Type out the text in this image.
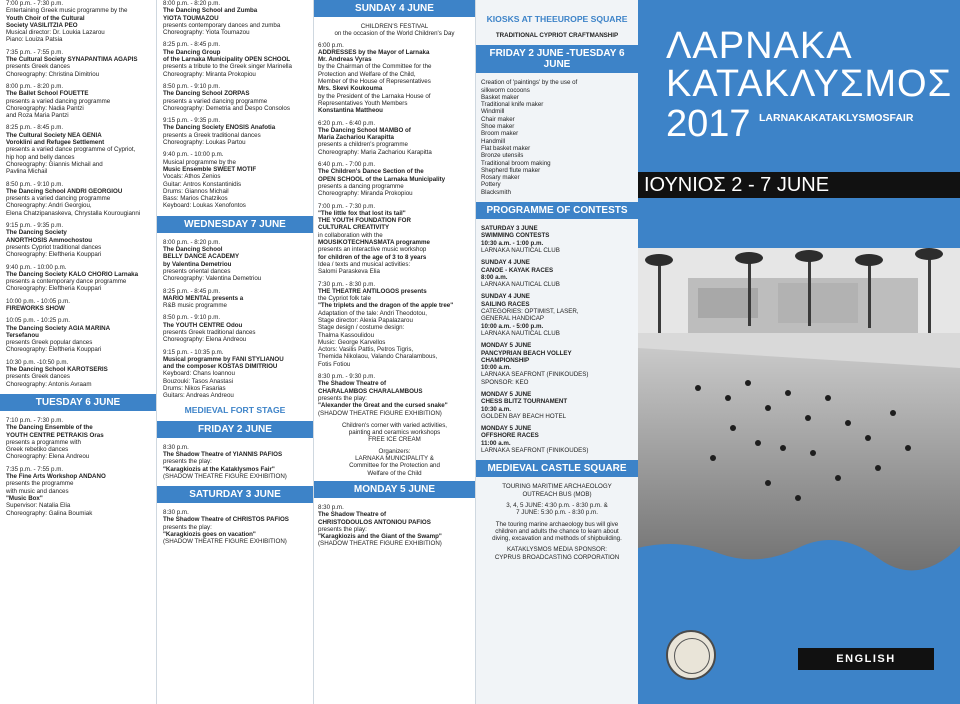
7:00 p.m. - 7:30 p.m.
Entertaining Greek music programme by the
Youth Choir of the Cultural
Society VASILITZIA PEO
Musical director: Dr. Loukia Lazarou
Piano: Louiza Patsia
7:35 p.m. - 7:55 p.m.
The Cultural Society SYNAPANTIMA AGAPIS
presents Greek dances
Choreography: Christina Dimitriou
8:00 p.m. - 8:20 p.m.
The Ballet School FOUETTE
presents a varied dancing programme
Choreography: Nadia Pantzi
and Roza Maria Pantzi
8:25 p.m. - 8:45 p.m.
The Cultural Society NEA GENIA
Voroklini and Refugee Settlement
presents a varied dance programme of Cypriot,
hip hop and belly dances
Choreography: Giannis Michail and
Pavlina Michail
8:50 p.m. - 9:10 p.m.
The Dancing School ANDRI GEORGIOU
presents a varied dancing programme
Choreography: Andri Georgiou,
Elena Chatzipanaskeva, Chrystalla Kourougianni
9:15 p.m. - 9:35 p.m.
The Dancing Society
ANORTHOSIS Ammochostou
presents Cypriot traditional dances
Choreography: Eleftheria Kouppari
9:40 p.m. - 10:00 p.m.
The Dancing Society KALO CHORIO Larnaka
presents a contemporary dance programme
Choreography: Eleftheria Kouppari
10:00 p.m. - 10:05 p.m.
FIREWORKS SHOW
10:05 p.m. - 10:25 p.m.
The Dancing Society AGIA MARINA
Tersefanou
presents Greek popular dances
Choreography: Eleftheria Kouppari
10:30 p.m. -10:50 p.m.
The Dancing School KAROTSERIS
presents Greek dances
Choreography: Antonis Avraam
TUESDAY 6 JUNE
7:10 p.m. - 7:30 p.m.
The Dancing Ensemble of the
YOUTH CENTRE PETRAKIS Oras
presents a programme with
Greek rebetiko dances
Choreography: Elena Andreou
7:35 p.m. - 7:55 p.m.
The Fine Arts Workshop ANDANO
presents the programme
with music and dances
"Music Box"
Supervisor: Natalia Elia
Choreography: Galina Boumiak
8:00 p.m. - 8:20 p.m.
The Dancing School and Zumba
YIOTA TOUMAZOU
presents contemporary dances and zumba
Choreography: Yiota Toumazou
8:25 p.m. - 8:45 p.m.
The Dancing Group
of the Larnaka Municipality OPEN SCHOOL
presents a tribute to the Greek singer Marinella
Choreography: Miranta Prokopiou
8:50 p.m. - 9:10 p.m.
The Dancing School ZORPAS
presents a varied dancing programme
Choreography: Demetria and Despo Consolos
9:15 p.m. - 9:35 p.m.
The Dancing Society ENOSIS Anafotia
presents a Greek traditional dances
Choreography: Loukas Partou
9:40 p.m. - 10:00 p.m.
Musical programme by the
Music Ensemble SWEET MOTIF
Vocals: Athos Zenios
Guitar: Antros Konstantinidis
Drums: Giannos Michail
Bass: Marios Chatzikos
Keyboard: Loukas Xenofontos
WEDNESDAY 7 JUNE
8:00 p.m. - 8:20 p.m.
The Dancing School
BELLY DANCE ACADEMY
by Valentina Demetriou
presents oriental dances
Choreography: Valentina Demetriou
8:25 p.m. - 8:45 p.m.
MARIO MENTAL presents a
R&B music programme
8:50 p.m. - 9:10 p.m.
The YOUTH CENTRE Odou
presents Greek traditional dances
Choreography: Elena Andreou
9:15 p.m. - 10:35 p.m.
Musical programme by FANI STYLIANOU
and the composer KOSTAS DIMITRIOU
Keyboard: Chans Ioannou
Bouzouki: Tasos Anastasi
Drums: Nikos Fasarias
Guitars: Andreas Andreou
MEDIEVAL FORT STAGE
FRIDAY 2 JUNE
8:30 p.m.
The Shadow Theatre of YIANNIS PAFIOS
presents the play:
"Karagkiozis at the Kataklysmos Fair"
(SHADOW THEATRE FIGURE EXHIBITION)
SATURDAY 3 JUNE
8:30 p.m.
The Shadow Theatre of CHRISTOS PAFIOS
presents the play:
"Karagkiozis goes on vacation"
(SHADOW THEATRE FIGURE EXHIBITION)
SUNDAY 4 JUNE
CHILDREN'S FESTIVAL
on the occasion of the World Children's Day
6:00 p.m.
ADDRESSES by the Mayor of Larnaka
Mr. Andreas Vyras
by the Chairman of the Committee for the
Protection and Welfare of the Child,
Member of the House of Representatives
Mrs. Skevi Koukouma
by the President of the Larnaka House of
Representatives Youth Members
Konstantina Mattheou
6:20 p.m. - 6:40 p.m.
The Dancing School MAMBO of
Maria Zachariou Karapitta
presents a children's programme
Choreography: Maria Zachariou Karapitta
6:40 p.m. - 7:00 p.m.
The Children's Dance Section of the
OPEN SCHOOL of the Larnaka Municipality
presents a dancing programme
Choreography: Miranda Prokopiou
7:00 p.m. - 7:30 p.m.
"The little fox that lost its tail"
THE YOUTH FOUNDATION FOR
CULTURAL CREATIVITY
in collaboration with the
MOUSIKOTECHNASMATA programme
presents an interactive music workshop
for children of the age of 3 to 8 years
Idea / texts and musical activities:
Salomi Paraskeva Elia
7:30 p.m. - 8:30 p.m.
THE THEATRE ANTILOGOS presents
the Cypriot folk tale
"The triplets and the dragon of the apple tree"
Adaptation of the tale: Andri Theodotou,
Stage director: Alexia Papalazarou
Stage design / costume design:
Thalma Kassoulidou
Music: George Karvellos
Actors: Vasilis Pattis, Petros Tigris,
Themida Nikolaou, Valando Charalambous,
Fotis Fotiou
8:30 p.m. - 9:30 p.m.
The Shadow Theatre of
CHARALAMBOS CHARALAMBOUS
presents the play:
"Alexander the Great and the cursed snake"
(SHADOW THEATRE FIGURE EXHIBITION)
Children's corner with varied activities,
painting and ceramics workshops
FREE ICE CREAM
Organizers:
LARNAKA MUNICIPALITY &
Committee for the Protection and
Welfare of the Child
MONDAY 5 JUNE
8:30 p.m.
The Shadow Theatre of
CHRISTODOULOS ANTONIOU PAFIOS
presents the play:
"Karagkiozis and the Giant of the Swamp"
(SHADOW THEATRE FIGURE EXHIBITION)
KIOSKS AT THEEUROPE SQUARE
TRADITIONAL CYPRIOT CRAFTMANSHIP
FRIDAY 2 JUNE -TUESDAY 6 JUNE
Creation of 'paintings' by the use of
silkworm cocoons
Basket maker
Traditional knife maker
Windmill
Chair maker
Shoe maker
Broom maker
Handmill
Flat basket maker
Bronze utensils
Traditional broom making
Shepherd flute maker
Rosary maker
Pottery
Blacksmith
PROGRAMME OF CONTESTS
SATURDAY 3 JUNE
SWIMMING CONTESTS
10:30 a.m. - 1:00 p.m.
LARNAKA NAUTICAL CLUB
SUNDAY 4 JUNE
CANOE - KAYAK RACES
8:00 a.m.
LARNAKA NAUTICAL CLUB
SUNDAY 4 JUNE
SAILING RACES
CATEGORIES: OPTIMIST, LASER,
GENERAL HANDICAP
10:00 a.m. - 5:00 p.m.
LARNAKA NAUTICAL CLUB
MONDAY 5 JUNE
PANCYPRIAN BEACH VOLLEY
CHAMPIONSHIP
10:00 a.m.
LARNAKA SEAFRONT (FINIKOUDES)
SPONSOR: KEO
MONDAY 5 JUNE
CHESS BLITZ TOURNAMENT
10:30 a.m.
GOLDEN BAY BEACH HOTEL
MONDAY 5 JUNE
OFFSHORE RACES
11:00 a.m.
LARNAKA SEAFRONT (FINIKOUDES)
MEDIEVAL CASTLE SQUARE
TOURING MARITIME ARCHAEOLOGY
OUTREACH BUS (MOB)
3, 4, 5 JUNE: 4:30 p.m. - 8:30 p.m. &
7 JUNE: 5:30 p.m. - 8:30 p.m.
The touring marine archaeology bus will give
children and adults the chance to learn about
diving, excavation and methods of shipbuilding.
KATAKLYSMOS MEDIA SPONSOR:
CYPRUS BROADCASTING CORPORATION
ΛΑΡΝΑΚΑ
ΚΑΤΑΚΛΥΣΜΟΣ
2017 LARNAKAKATAKLYSMOSFAIR
ΙΟΥΝΙΟΣ 2 - 7 JUNE
ENGLISH
